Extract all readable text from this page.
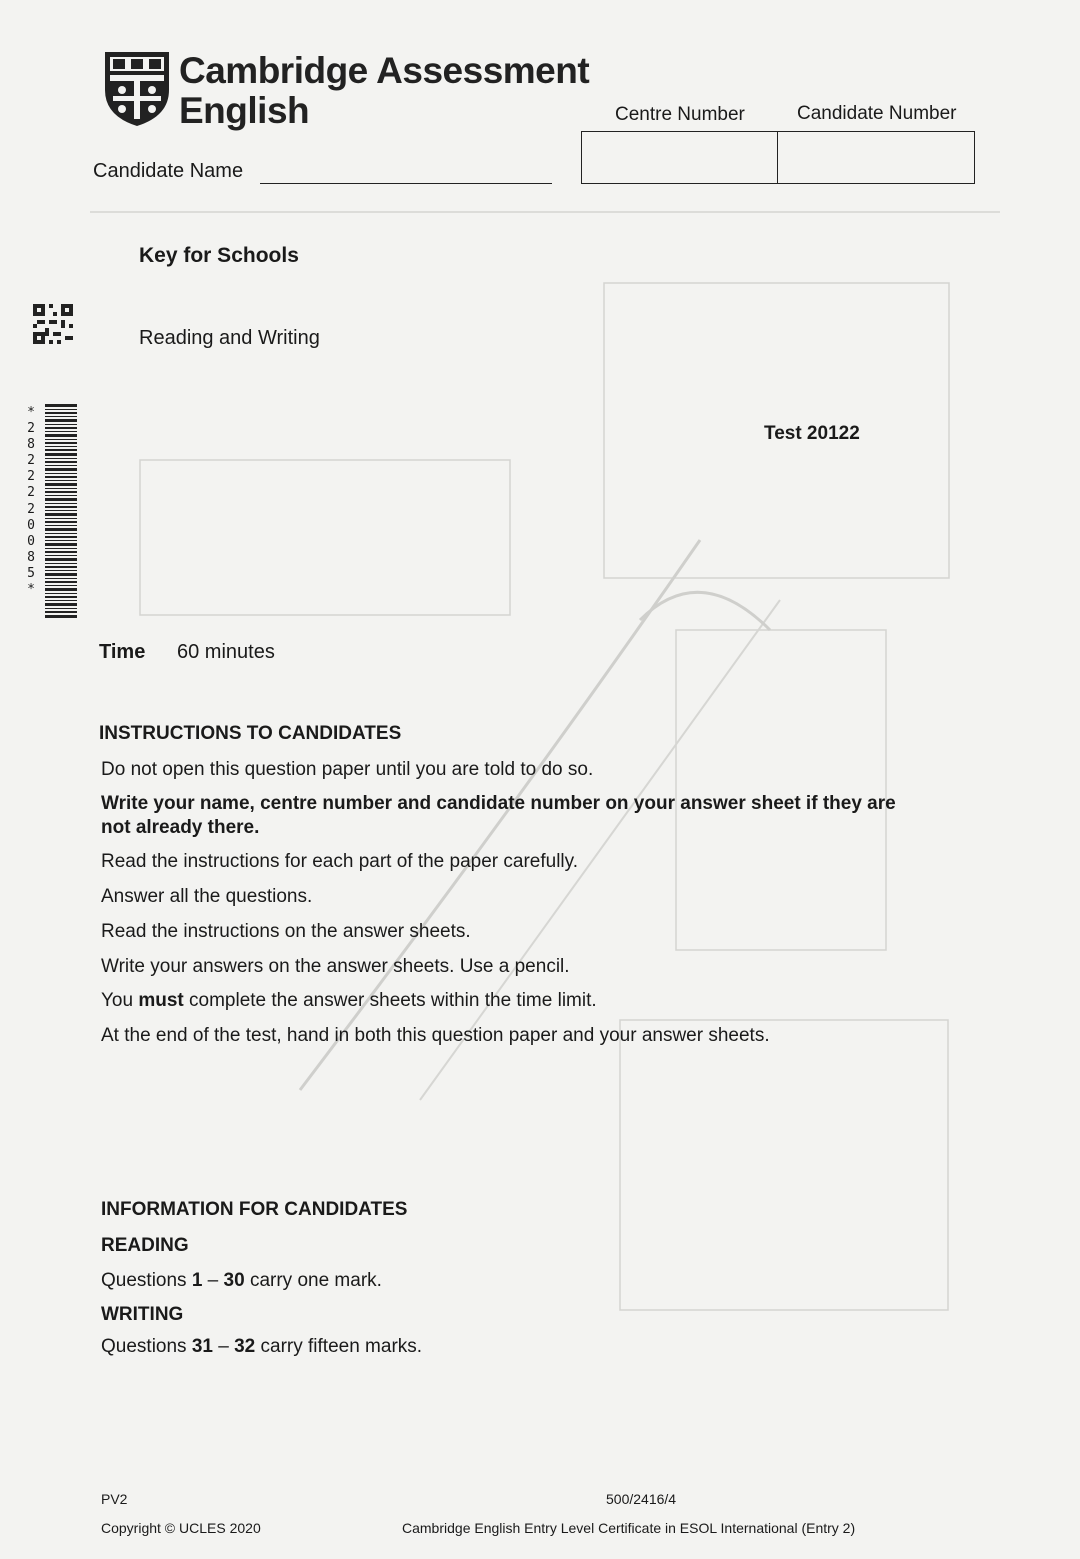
Cambridge Assessment
English
Candidate Name
Centre Number	Candidate Number
Key for Schools
Reading and Writing
*2822220085*
Test 20122
Time 60 minutes
INSTRUCTIONS TO CANDIDATES
Do not open this question paper until you are told to do so.
Write your name, centre number and candidate number on your answer sheet if they are
not already there.
Read the instructions for each part of the paper carefully.
Answer all the questions.
Read the instructions on the answer sheets.
Write your answers on the answer sheets. Use a pencil.
You must complete the answer sheets within the time limit.
At the end of the test, hand in both this question paper and your answer sheets.
INFORMATION FOR CANDIDATES
READING
Questions 1 – 30 carry one mark.
WRITING
Questions 31 – 32 carry fifteen marks.
PV2	500/2416/4
Copyright © UCLES 2020	Cambridge English Entry Level Certificate in ESOL International (Entry 2)
